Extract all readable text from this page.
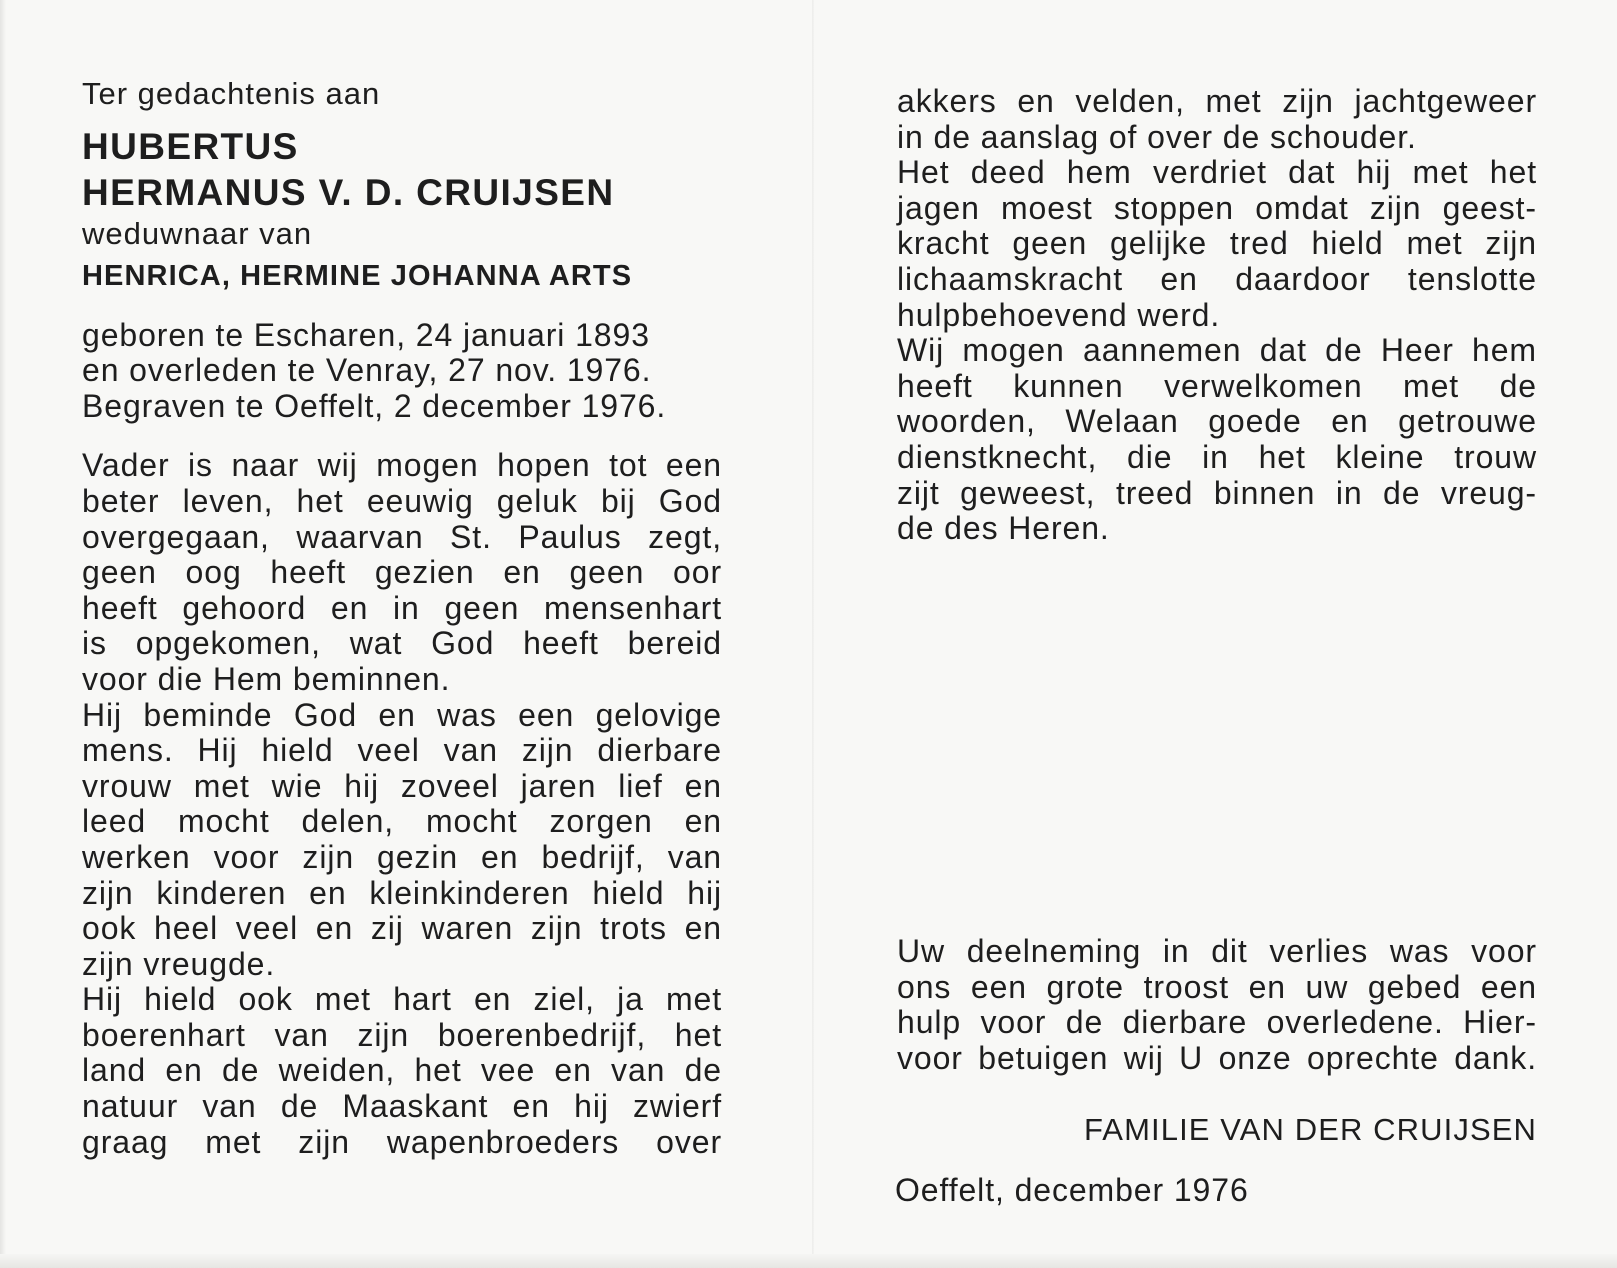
Ter gedachtenis aan
HUBERTUS
HERMANUS V. D. CRUIJSEN
weduwnaar van
HENRICA, HERMINE JOHANNA ARTS
geboren te Escharen, 24 januari 1893
en overleden te Venray, 27 nov. 1976.
Begraven te Oeffelt, 2 december 1976.
Vader is naar wij mogen hopen tot een
beter leven, het eeuwig geluk bij God
overgegaan, waarvan St. Paulus zegt,
geen oog heeft gezien en geen oor
heeft gehoord en in geen mensenhart
is opgekomen, wat God heeft bereid
voor die Hem beminnen.
Hij beminde God en was een gelovige
mens. Hij hield veel van zijn dierbare
vrouw met wie hij zoveel jaren lief en
leed mocht delen, mocht zorgen en
werken voor zijn gezin en bedrijf, van
zijn kinderen en kleinkinderen hield hij
ook heel veel en zij waren zijn trots en
zijn vreugde.
Hij hield ook met hart en ziel, ja met
boerenhart van zijn boerenbedrijf, het
land en de weiden, het vee en van de
natuur van de Maaskant en hij zwierf
graag met zijn wapenbroeders over
akkers en velden, met zijn jachtgeweer
in de aanslag of over de schouder.
Het deed hem verdriet dat hij met het
jagen moest stoppen omdat zijn geest-
kracht geen gelijke tred hield met zijn
lichaamskracht en daardoor tenslotte
hulpbehoevend werd.
Wij mogen aannemen dat de Heer hem
heeft kunnen verwelkomen met de
woorden, Welaan goede en getrouwe
dienstknecht, die in het kleine trouw
zijt geweest, treed binnen in de vreug-
de des Heren.
Uw deelneming in dit verlies was voor
ons een grote troost en uw gebed een
hulp voor de dierbare overledene. Hier-
voor betuigen wij U onze oprechte dank.
FAMILIE VAN DER CRUIJSEN
Oeffelt, december 1976
